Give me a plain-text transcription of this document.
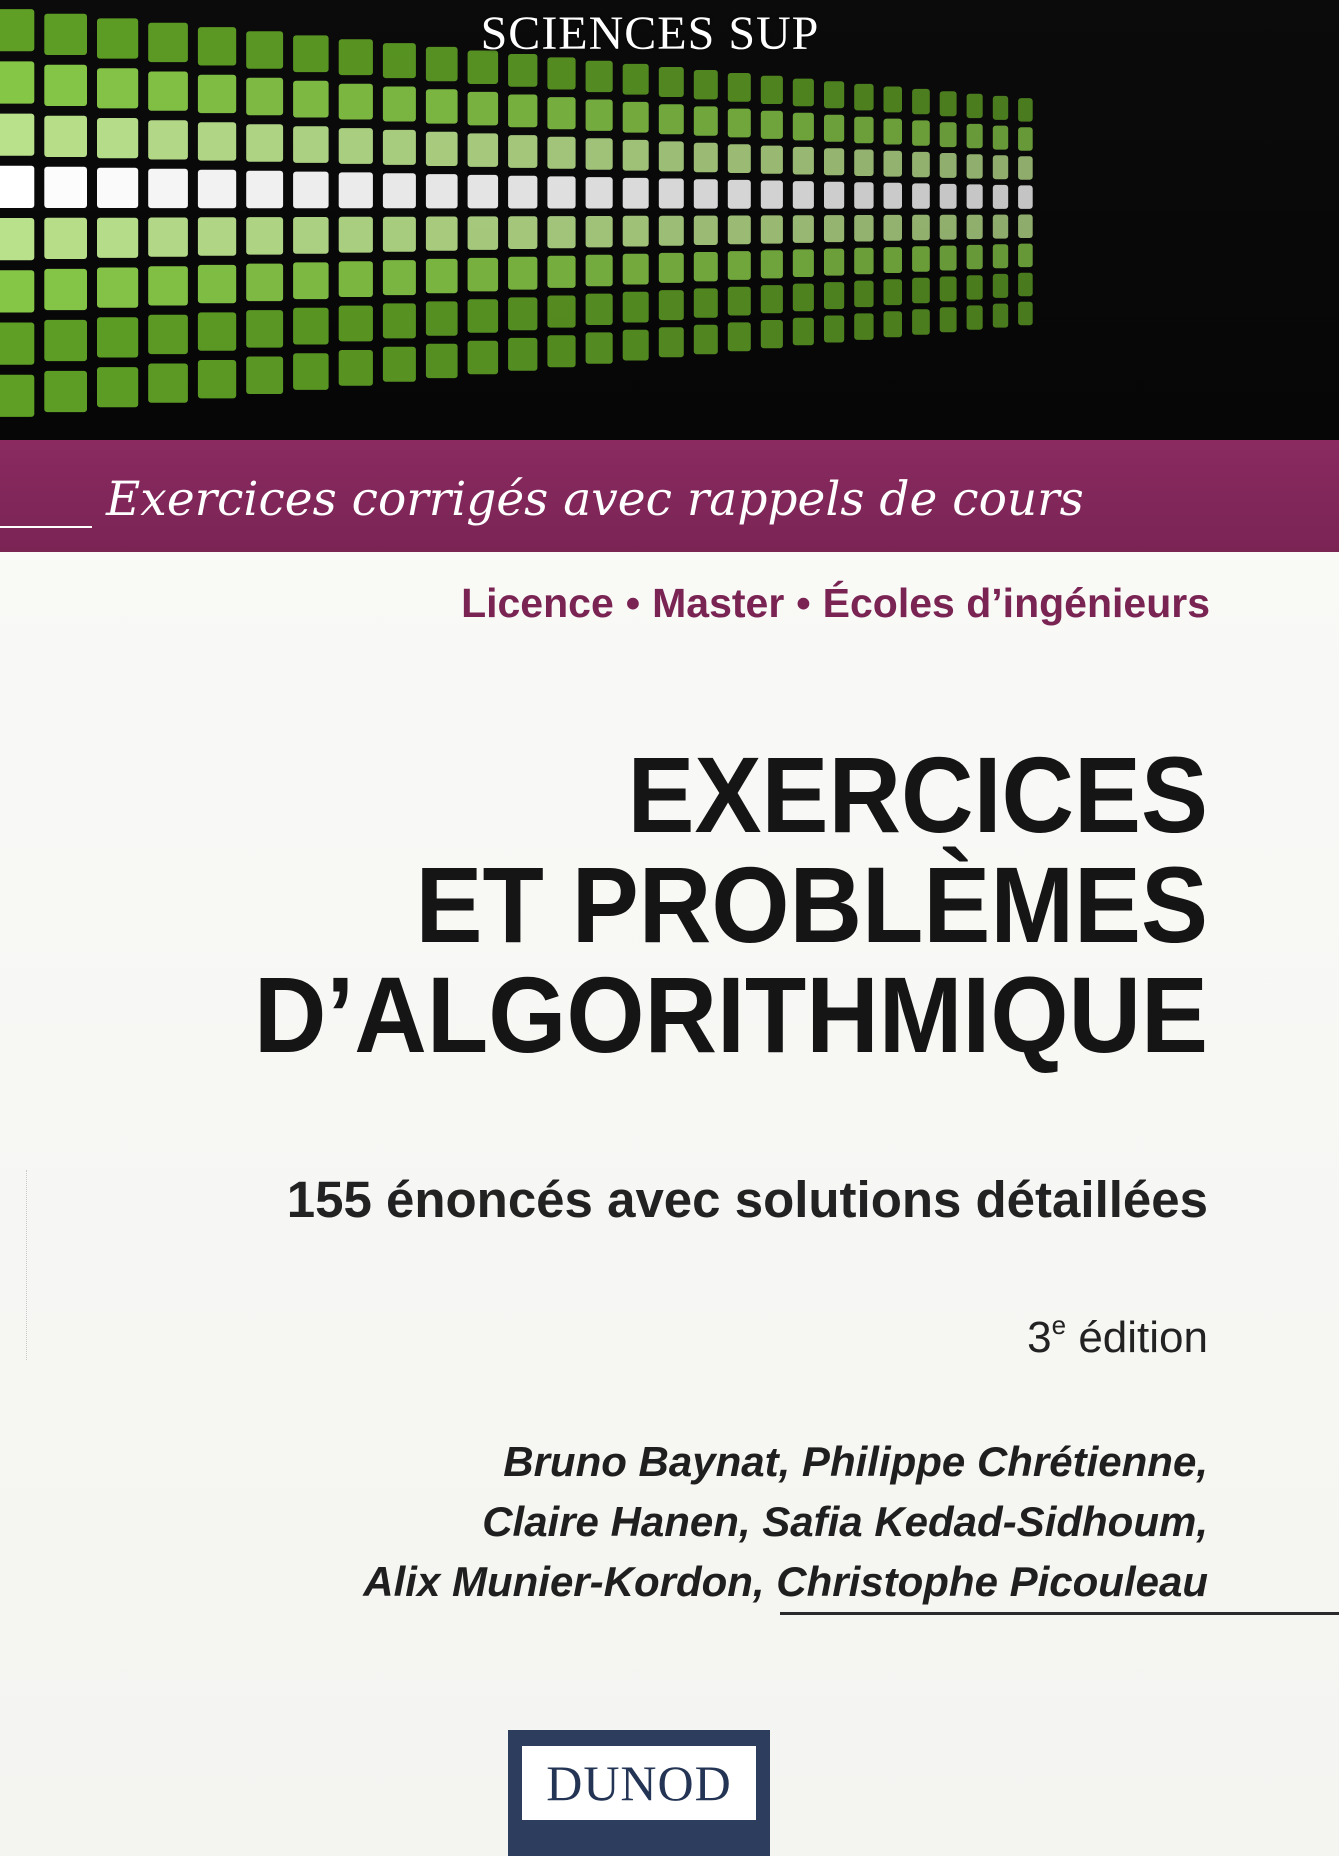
SCIENCES SUP
Exercices corrigés avec rappels de cours
Licence • Master • Écoles d’ingénieurs
EXERCICES
ET PROBLÈMES
D’ALGORITHMIQUE
155 énoncés avec solutions détaillées
3e édition
Bruno Baynat, Philippe Chrétienne,
Claire Hanen, Safia Kedad-Sidhoum,
Alix Munier-Kordon, Christophe Picouleau
DUNOD
